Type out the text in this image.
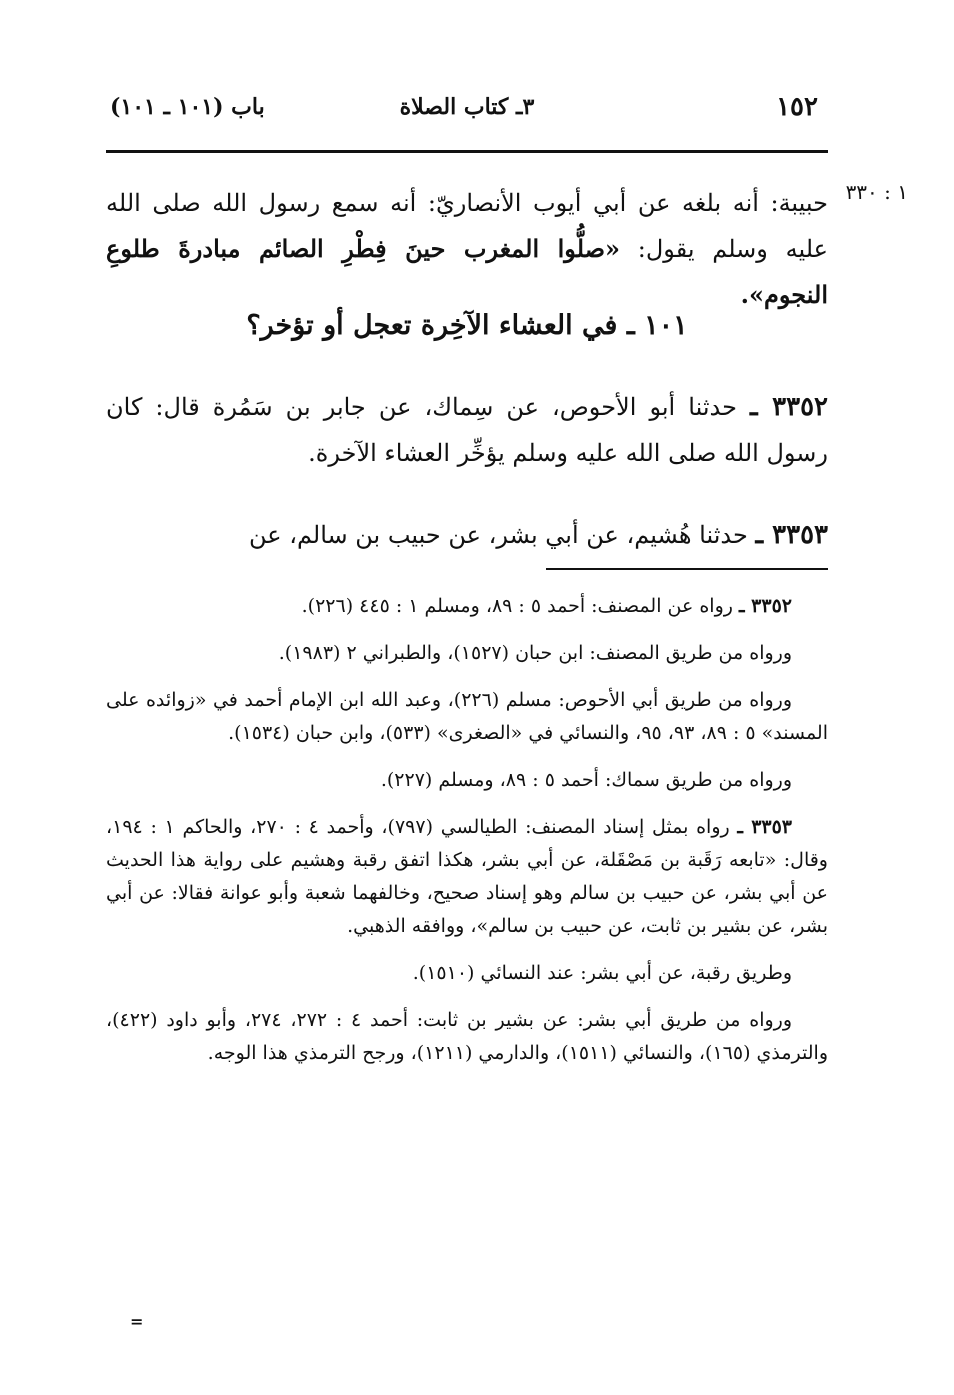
١٥٢
٣ـ كتاب الصلاة
باب (١٠١ ـ ١٠١)
١ : ٣٣٠
حبيبة: أنه بلغه عن أبي أيوب الأنصاريّ: أنه سمع رسول الله صلى الله عليه وسلم يقول: «صلُّوا المغرب حينَ فِطْرِ الصائم مبادرةَ طلوعِ النجوم».
١٠١ ـ في العشاء الآخِرة تعجل أو تؤخر؟
٣٣٥٢ ـ حدثنا أبو الأحوص، عن سِماك، عن جابر بن سَمُرة قال: كان رسول الله صلى الله عليه وسلم يؤخِّر العشاء الآخرة.
٣٣٥٣ ـ حدثنا هُشيم، عن أبي بشر، عن حبيب بن سالم، عن

٣٣٥٢ ـ رواه عن المصنف: أحمد ٥ : ٨٩، ومسلم ١ : ٤٤٥ (٢٢٦).

ورواه من طريق المصنف: ابن حبان (١٥٢٧)، والطبراني ٢ (١٩٨٣).

ورواه من طريق أبي الأحوص: مسلم (٢٢٦)، وعبد الله ابن الإمام أحمد في «زوائده على المسند» ٥ : ٨٩، ٩٣، ٩٥، والنسائي في «الصغرى» (٥٣٣)، وابن حبان (١٥٣٤).

ورواه من طريق سماك: أحمد ٥ : ٨٩، ومسلم (٢٢٧).

٣٣٥٣ ـ رواه بمثل إسناد المصنف: الطيالسي (٧٩٧)، وأحمد ٤ : ٢٧٠، والحاكم ١ : ١٩٤، وقال: «تابعه رَقَبة بن مَصْقَلة، عن أبي بشر، هكذا اتفق رقبة وهشيم على رواية هذا الحديث عن أبي بشر، عن حبيب بن سالم وهو إسناد صحيح، وخالفهما شعبة وأبو عوانة فقالا: عن أبي بشر، عن بشير بن ثابت، عن حبيب بن سالم»، ووافقه الذهبي.

وطريق رقبة، عن أبي بشر: عند النسائي (١٥١٠).

ورواه من طريق أبي بشر: عن بشير بن ثابت: أحمد ٤ : ٢٧٢، ٢٧٤، وأبو داود (٤٢٢)، والترمذي (١٦٥)، والنسائي (١٥١١)، والدارمي (١٢١١)، ورجح الترمذي هذا الوجه.

=
